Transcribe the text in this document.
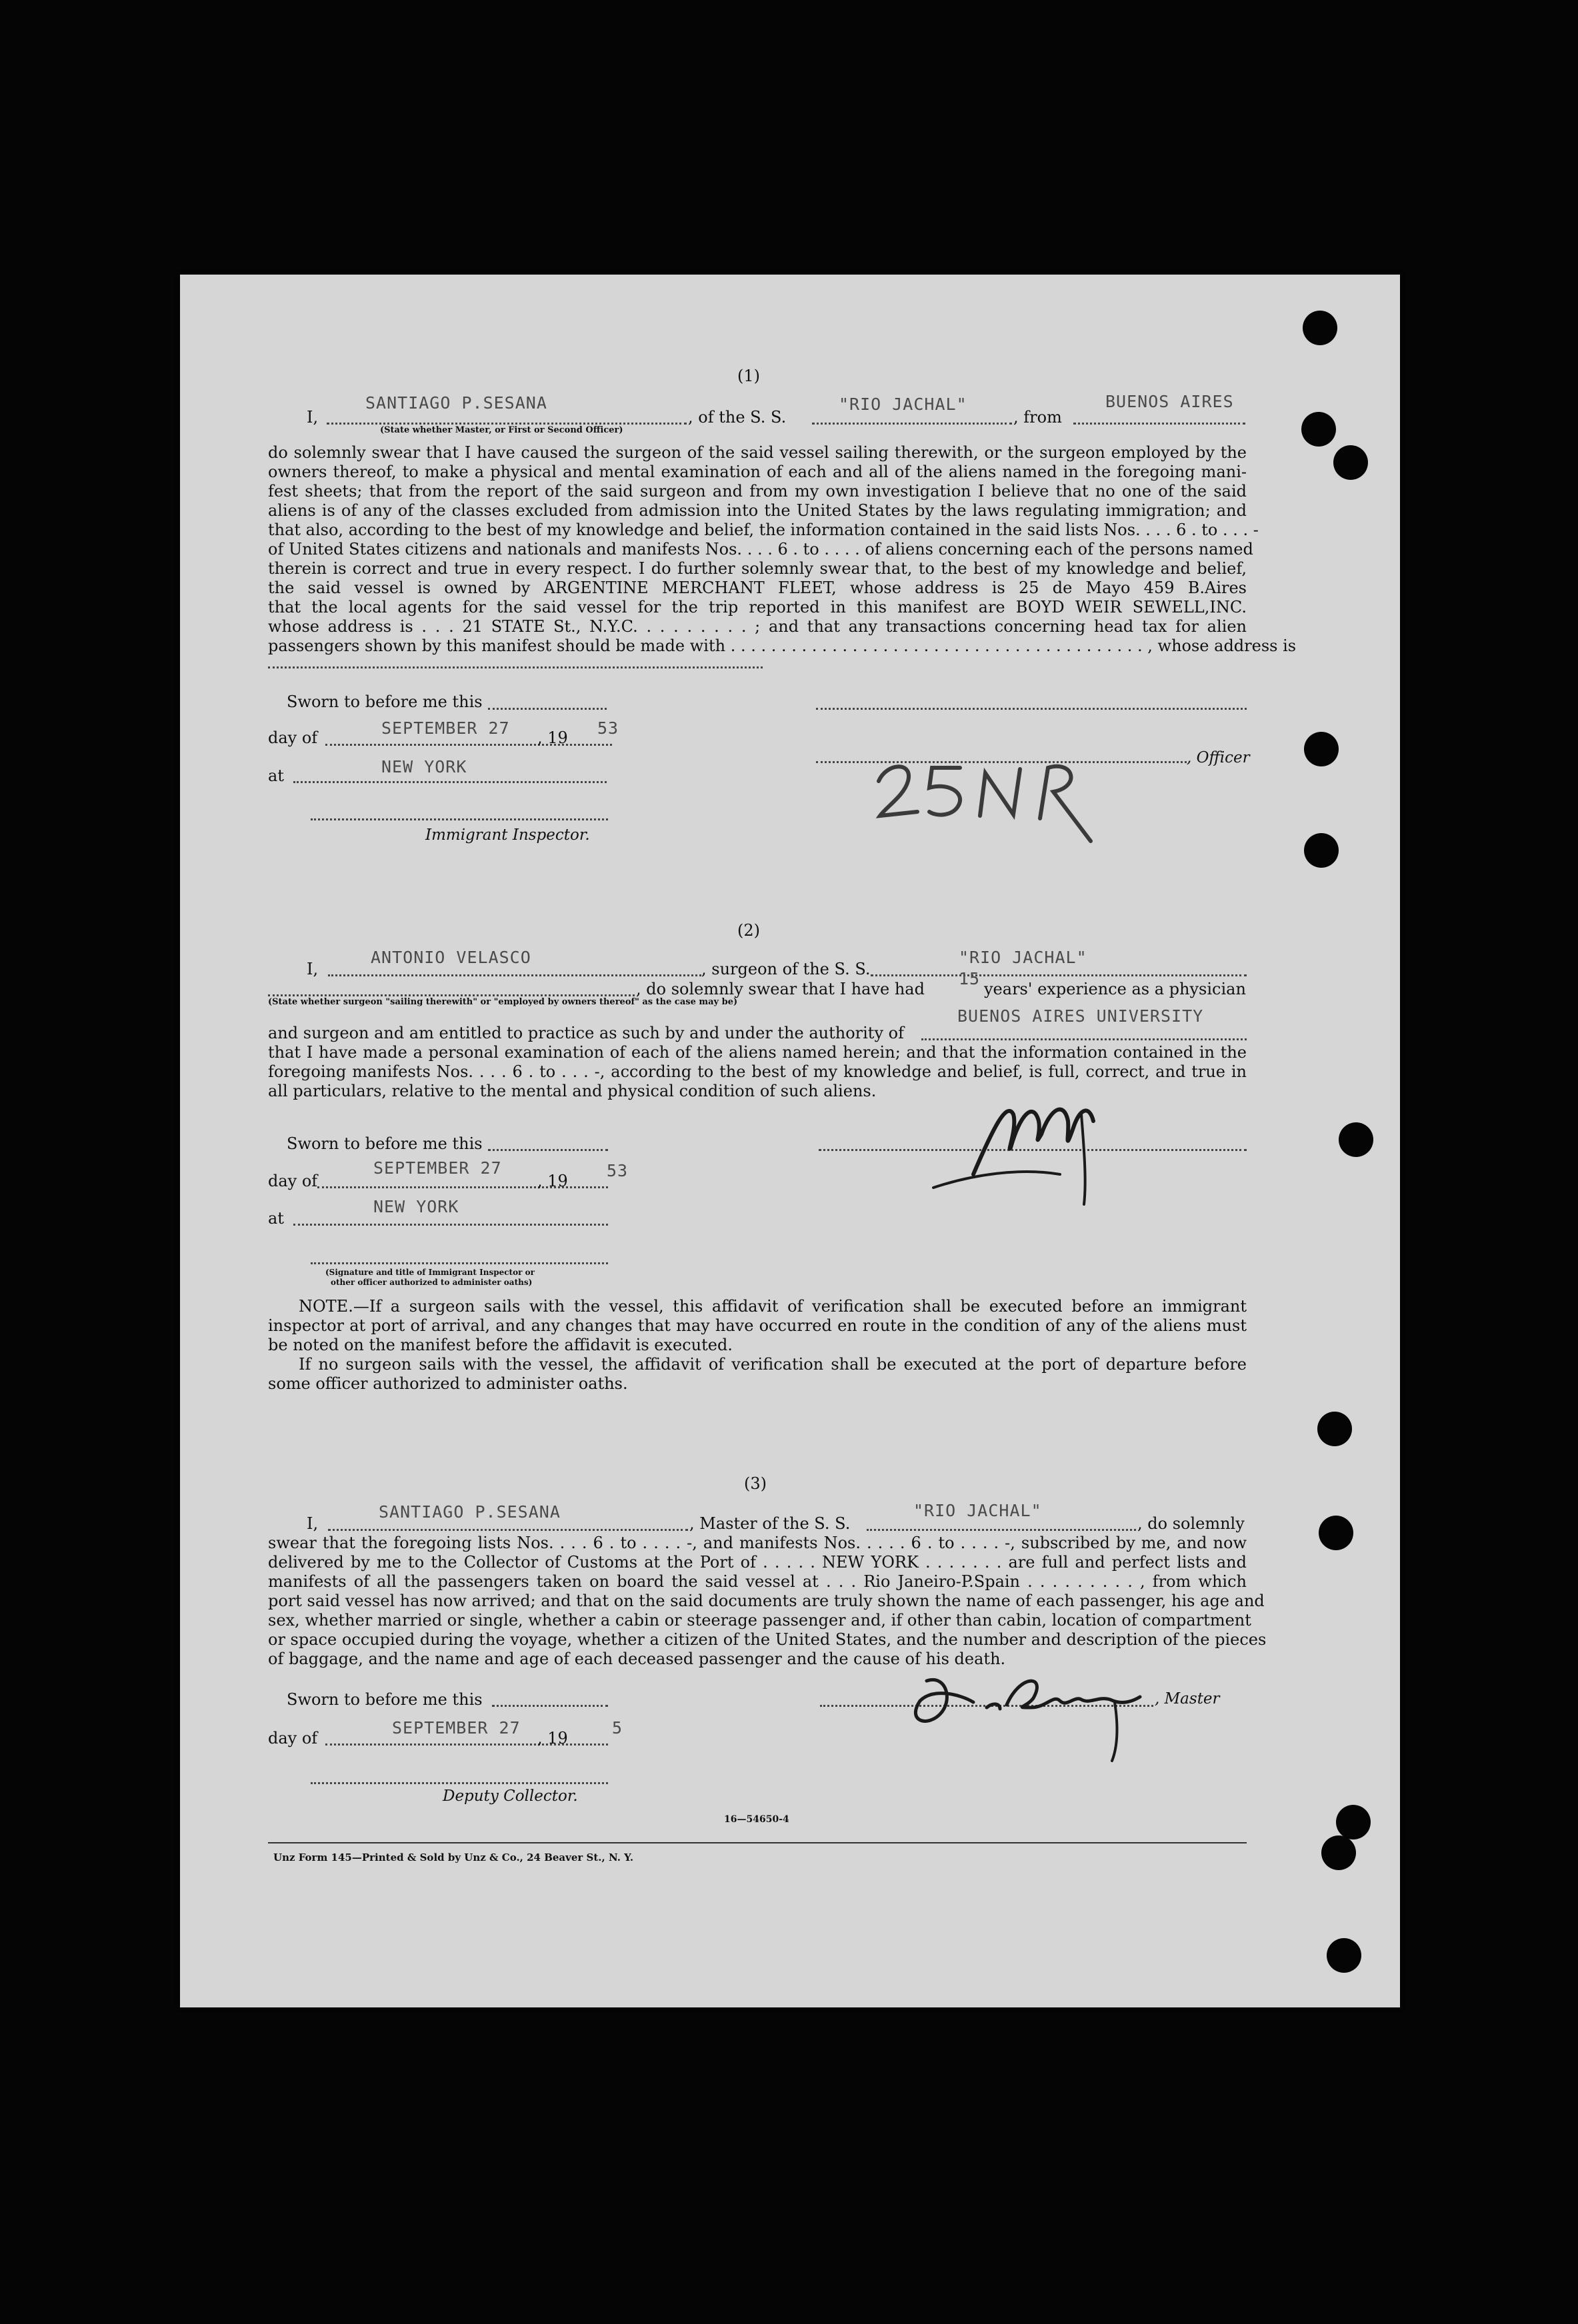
(1)
I,
SANTIAGO P.SESANA
, of the S. S.
"RIO JACHAL"
, from
BUENOS AIRES
(State whether Master, or First or Second Officer)
do solemnly swear that I have caused the surgeon of the said vessel sailing therewith, or the surgeon employed by the
owners thereof, to make a physical and mental examination of each and all of the aliens named in the foregoing mani-
fest sheets; that from the report of the said surgeon and from my own investigation I believe that no one of the said
aliens is of any of the classes excluded from admission into the United States by the laws regulating immigration; and
that also, according to the best of my knowledge and belief, the information contained in the said lists Nos. . . . 6 . to . . . -
of United States citizens and nationals and manifests Nos. . . . 6 . to . . . . of aliens concerning each of the persons named
therein is correct and true in every respect. I do further solemnly swear that, to the best of my knowledge and belief,
the said vessel is owned by ARGENTINE MERCHANT FLEET, whose address is 25 de Mayo 459 B.Aires
that the local agents for the said vessel for the trip reported in this manifest are BOYD WEIR SEWELL,INC.
whose address is . . . 21 STATE St., N.Y.C. . . . . . . . . ; and that any transactions concerning head tax for alien
passengers shown by this manifest should be made with . . . . . . . . . . . . . . . . . . . . . . . . . . . . . . . . . . . . . . . . . , whose address is
Sworn to before me this
day of	SEPTEMBER 27 , 19 53
at	NEW YORK
Immigrant Inspector.
, Officer
(2)
I,
ANTONIO VELASCO
, surgeon of the S. S.
"RIO JACHAL"
, do solemnly swear that I have had
15
years' experience as a physician
(State whether surgeon "sailing therewith" or "employed by owners thereof" as the case may be)
and surgeon and am entitled to practice as such by and under the authority of
BUENOS AIRES UNIVERSITY
that I have made a personal examination of each of the aliens named herein; and that the information contained in the
foregoing manifests Nos. . . . 6 . to . . . -, according to the best of my knowledge and belief, is full, correct, and true in
all particulars, relative to the mental and physical condition of such aliens.
Sworn to before me this
day of
SEPTEMBER 27
, 19
53
at
NEW YORK
(Signature and title of Immigrant Inspector or
other officer authorized to administer oaths)
NOTE.—If a surgeon sails with the vessel, this affidavit of verification shall be executed before an immigrant inspector at port of arrival, and any changes that may have occurred en route in the condition of any of the aliens must be noted on the manifest before the affidavit is executed.
If no surgeon sails with the vessel, the affidavit of verification shall be executed at the port of departure before some officer authorized to administer oaths.
(3)
I,
SANTIAGO P.SESANA
, Master of the S. S.
"RIO JACHAL"
, do solemnly
swear that the foregoing lists Nos. . . . 6 . to . . . . -, and manifests Nos. . . . . 6 . to . . . . -, subscribed by me, and now
delivered by me to the Collector of Customs at the Port of . . . . . NEW YORK . . . . . . . are full and perfect lists and
manifests of all the passengers taken on board the said vessel at . . . Rio Janeiro-P.Spain . . . . . . . . . , from which
port said vessel has now arrived; and that on the said documents are truly shown the name of each passenger, his age and
sex, whether married or single, whether a cabin or steerage passenger and, if other than cabin, location of compartment
or space occupied during the voyage, whether a citizen of the United States, and the number and description of the pieces
of baggage, and the name and age of each deceased passenger and the cause of his death.
Sworn to before me this
day of
SEPTEMBER 27
, 19
5
Deputy Collector.
, Master
16—54650-4
Unz Form 145—Printed & Sold by Unz & Co., 24 Beaver St., N. Y.
